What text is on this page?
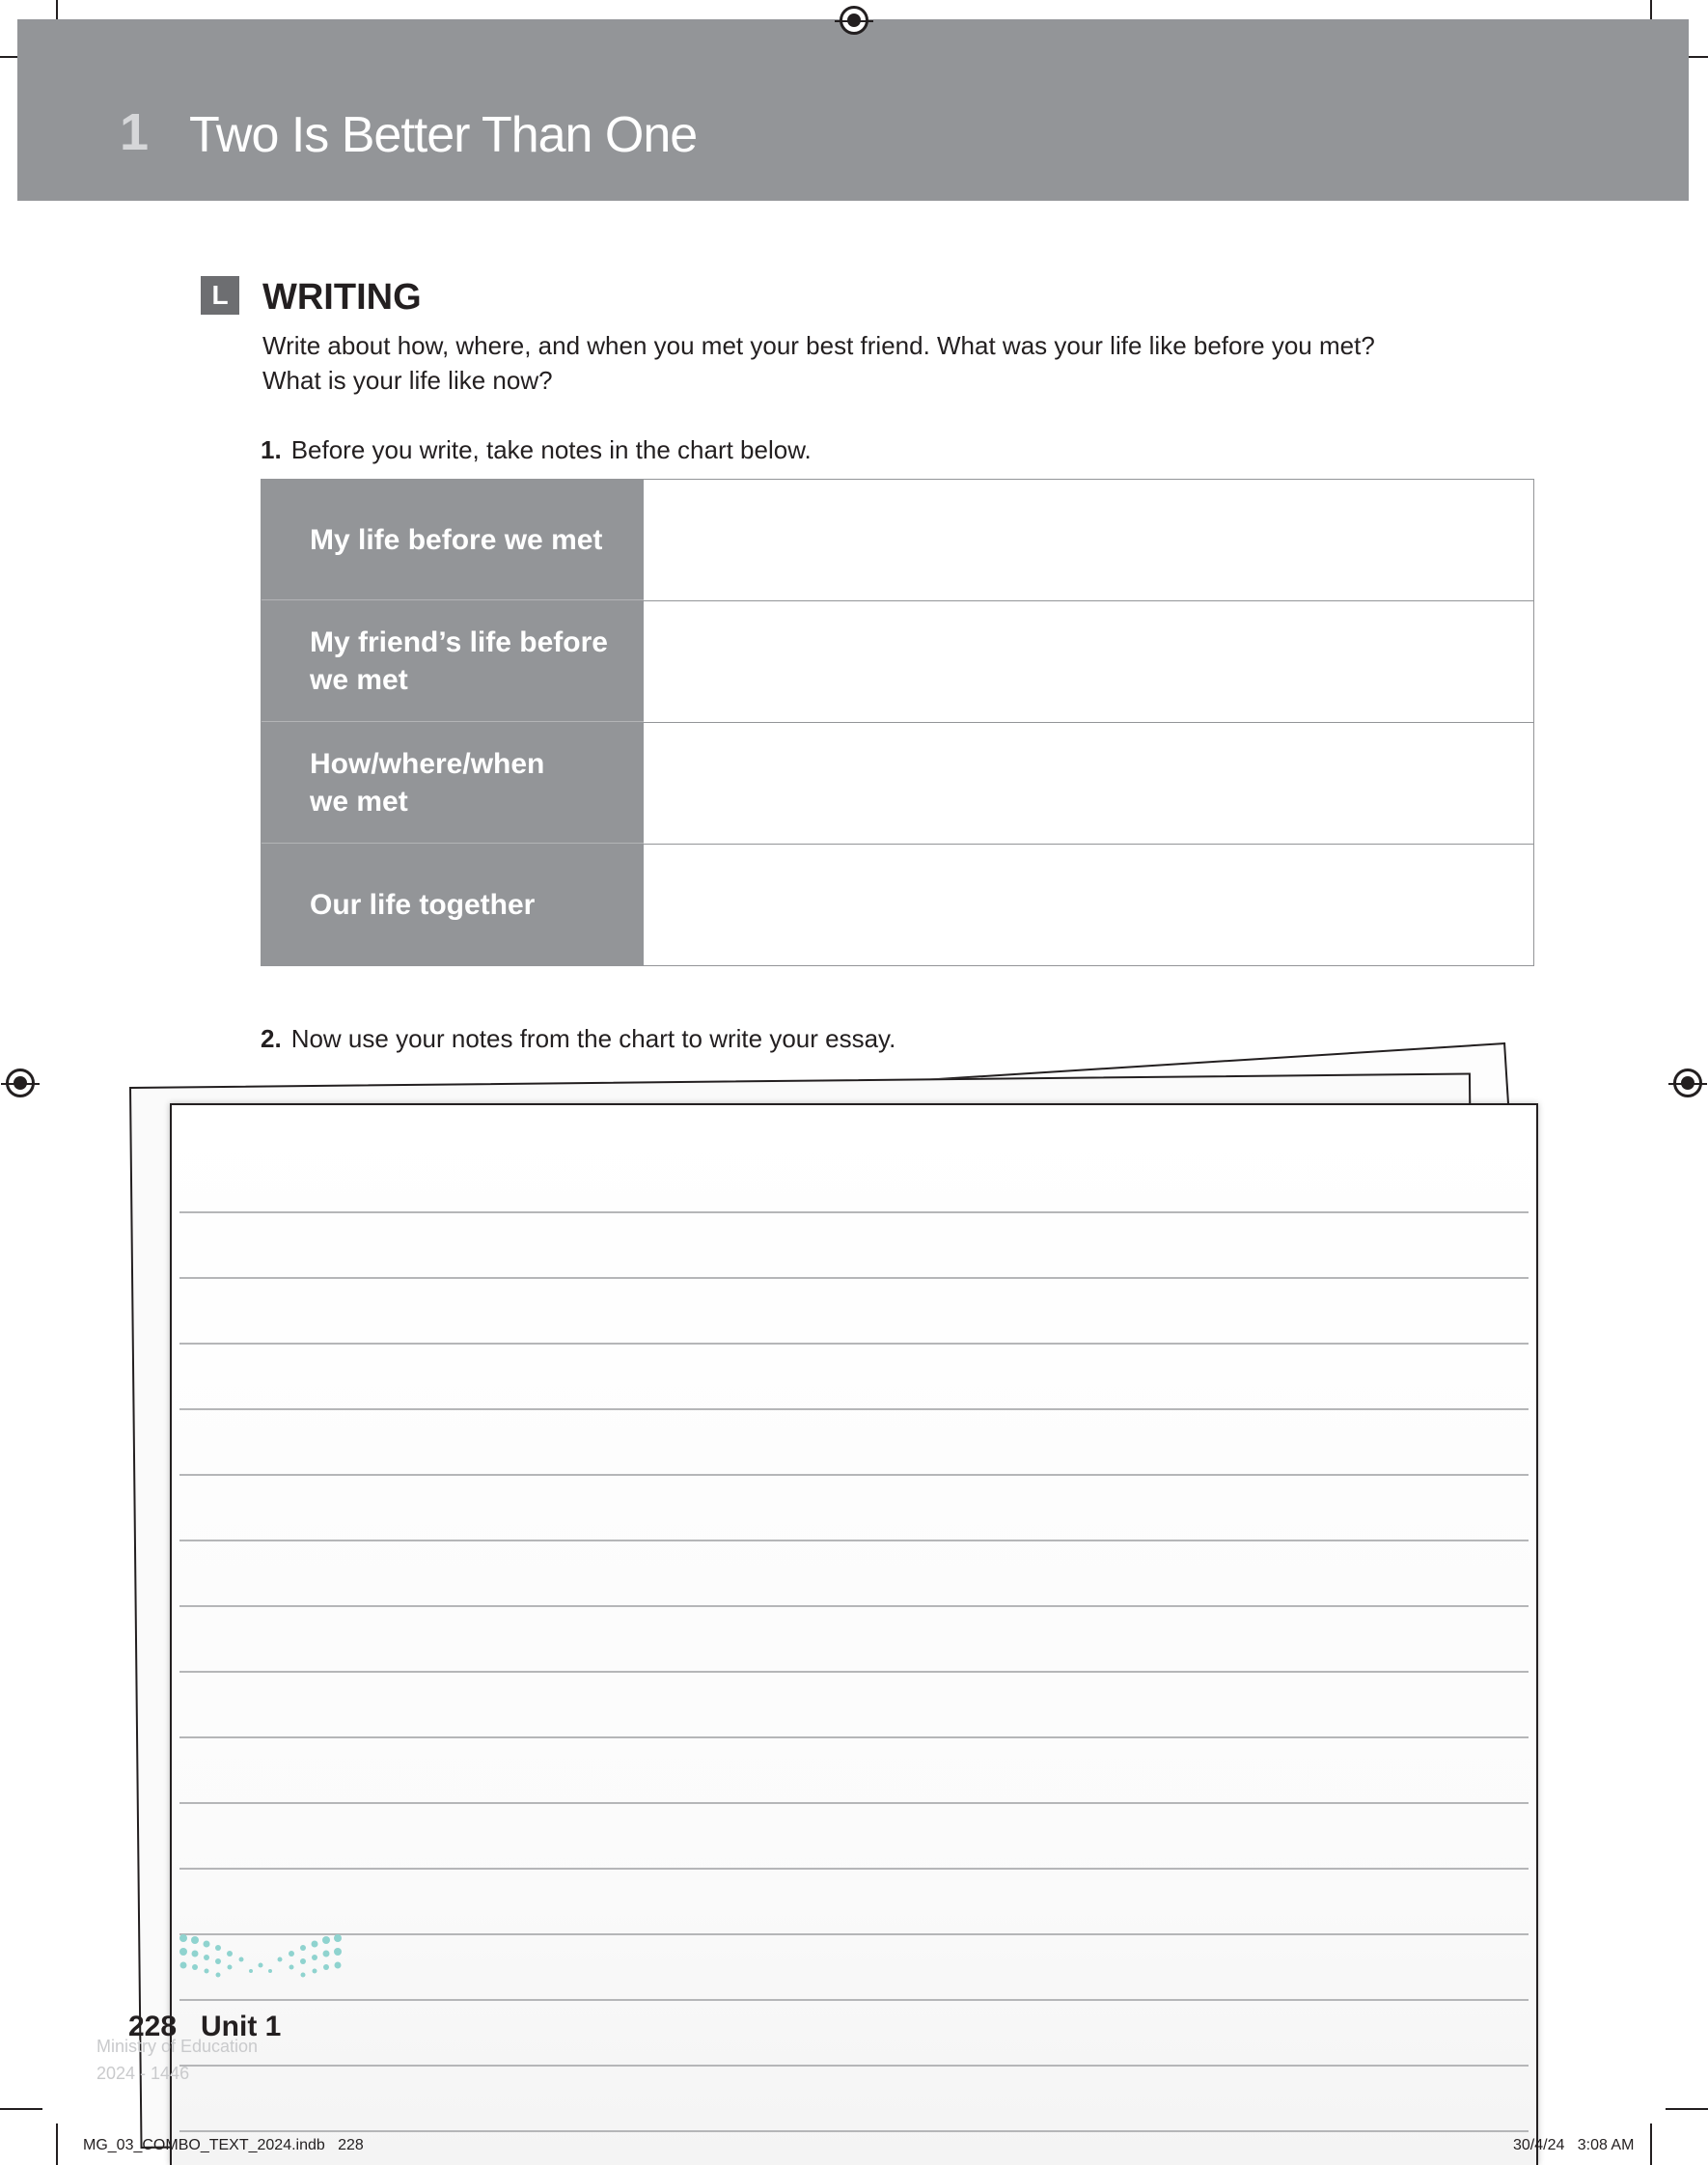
1 Two Is Better Than One
L WRITING
Write about how, where, and when you met your best friend. What was your life like before you met?
What is your life like now?
1. Before you write, take notes in the chart below.
My life before we met

My friend’s life before
we met
How/where/when
we met
Our life together

2. Now use your notes from the chart to write your essay.
Ministry of Education
2024 - 1446
228 Unit 1
MG_03_COMBO_TEXT_2024.indb   228	30/4/24   3:08 AM
